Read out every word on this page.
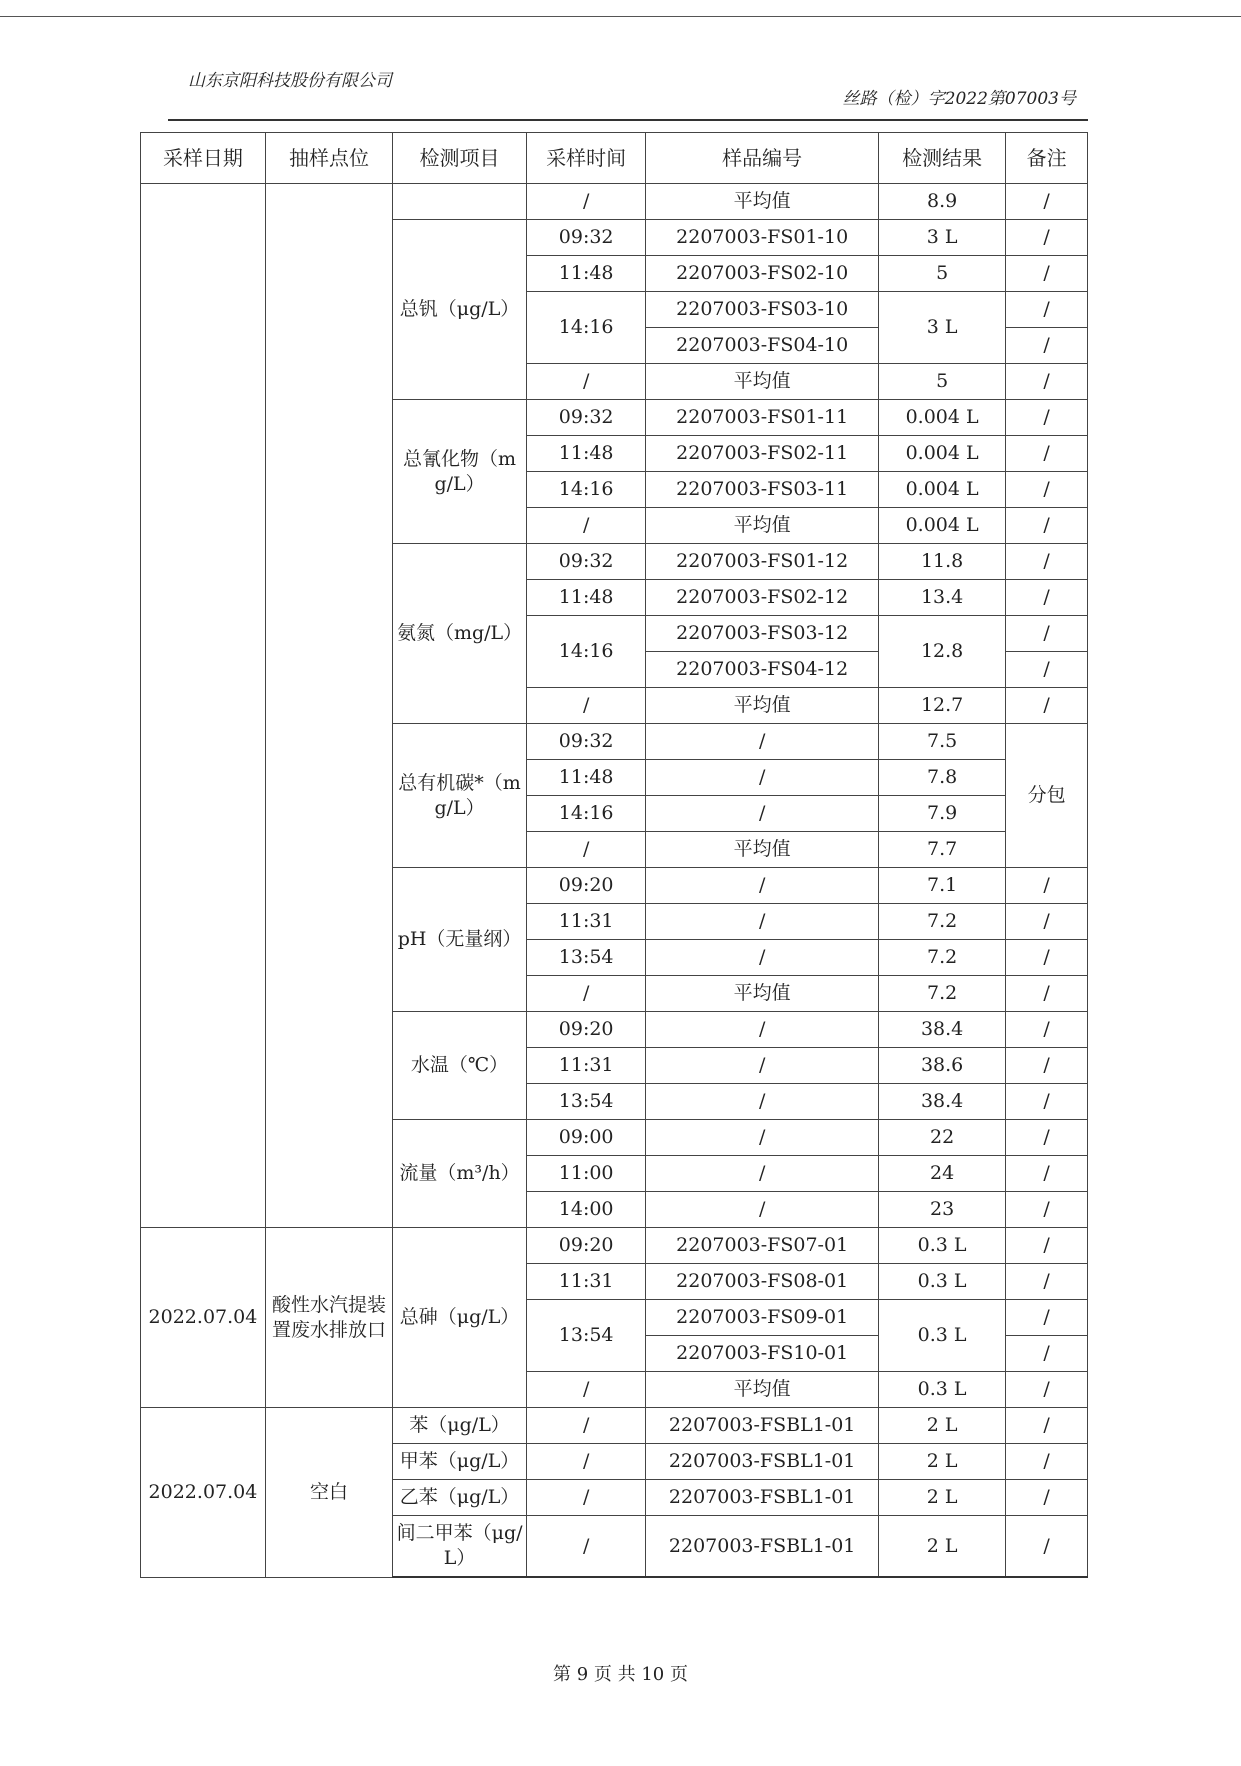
山东京阳科技股份有限公司
丝路（检）字2022第07003号
采样日期	抽样点位	检测项目	采样时间	样品编号	检测结果	备注
			/	平均值	8.9	/
		总钒（μg/L）	09:32	2207003-FS01-10	3 L	/
			11:48	2207003-FS02-10	5	/
			14:16	2207003-FS03-10	3 L	/
				2207003-FS04-10		/
			/	平均值	5	/
		总氰化物（mg/L）	09:32	2207003-FS01-11	0.004 L	/
			11:48	2207003-FS02-11	0.004 L	/
			14:16	2207003-FS03-11	0.004 L	/
			/	平均值	0.004 L	/
		氨氮（mg/L）	09:32	2207003-FS01-12	11.8	/
			11:48	2207003-FS02-12	13.4	/
			14:16	2207003-FS03-12	12.8	/
				2207003-FS04-12		/
			/	平均值	12.7	/
		总有机碳*（mg/L）	09:32	/	7.5	分包
			11:48	/	7.8	
			14:16	/	7.9	
			/	平均值	7.7	
		pH（无量纲）	09:20	/	7.1	/
			11:31	/	7.2	/
			13:54	/	7.2	/
			/	平均值	7.2	/
		水温（℃）	09:20	/	38.4	/
			11:31	/	38.6	/
			13:54	/	38.4	/
		流量（m³/h）	09:00	/	22	/
			11:00	/	24	/
			14:00	/	23	/
2022.07.04	酸性水汽提装置废水排放口	总砷（μg/L）	09:20	2207003-FS07-01	0.3 L	/
			11:31	2207003-FS08-01	0.3 L	/
			13:54	2207003-FS09-01	0.3 L	/
				2207003-FS10-01		/
			/	平均值	0.3 L	/
2022.07.04	空白	苯（μg/L）	/	2207003-FSBL1-01	2 L	/
		甲苯（μg/L）	/	2207003-FSBL1-01	2 L	/
		乙苯（μg/L）	/	2207003-FSBL1-01	2 L	/
		间二甲苯（μg/L）	/	2207003-FSBL1-01	2 L	/
第 9 页 共 10 页
